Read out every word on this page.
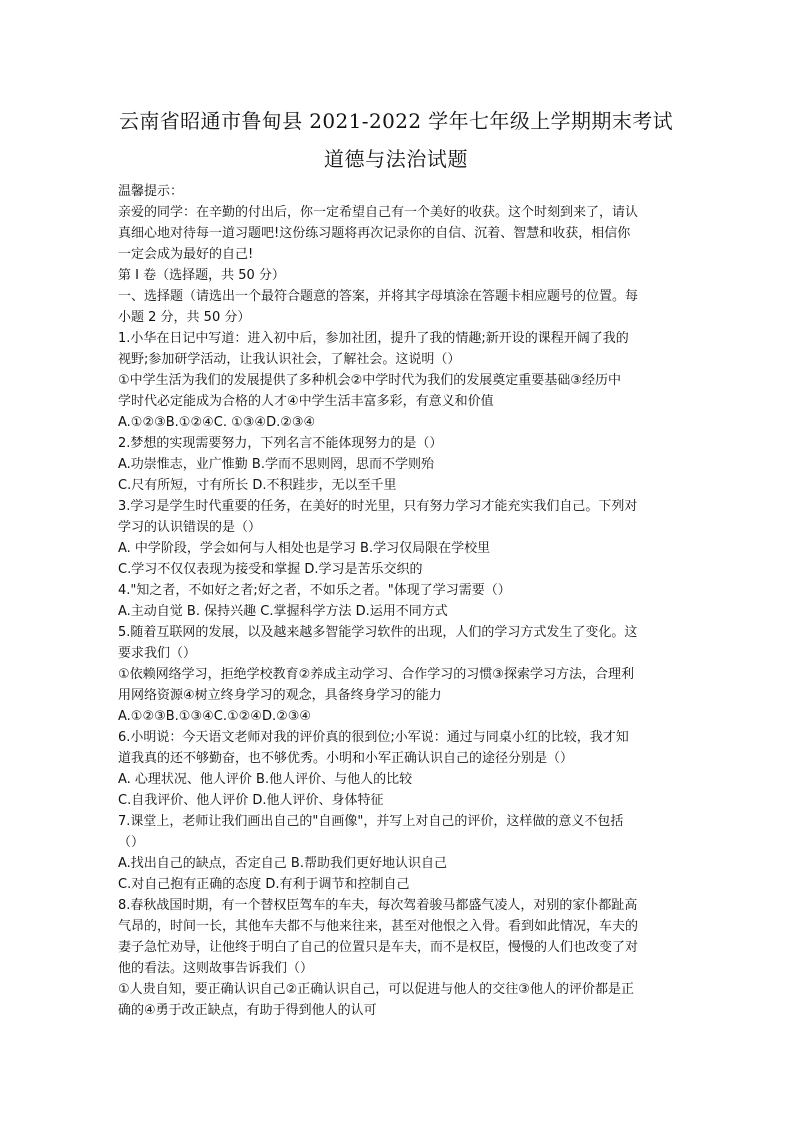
云南省昭通市鲁甸县 2021-2022 学年七年级上学期期末考试
道德与法治试题
温馨提示：
亲爱的同学：在辛勤的付出后，你一定希望自己有一个美好的收获。这个时刻到来了，请认
真细心地对待每一道习题吧!这份练习题将再次记录你的自信、沉着、智慧和收获，相信你
一定会成为最好的自己!
第 I 卷（选择题，共 50 分）
一、选择题（请选出一个最符合题意的答案，并将其字母填涂在答题卡相应题号的位置。每
小题 2 分，共 50 分）
1.小华在日记中写道：进入初中后，参加社团，提升了我的情趣;新开设的课程开阔了我的
视野;参加研学活动，让我认识社会，了解社会。这说明（）
①中学生活为我们的发展提供了多种机会②中学时代为我们的发展奠定重要基础③经历中
学时代必定能成为合格的人才④中学生活丰富多彩，有意义和价值
A.①②③B.①②④C. ①③④D.②③④
2.梦想的实现需要努力，下列名言不能体现努力的是（）
A.功崇惟志，业广惟勤 B.学而不思则罔，思而不学则殆
C.尺有所短，寸有所长 D.不积跬步，无以至千里
3.学习是学生时代重要的任务，在美好的时光里，只有努力学习才能充实我们自己。下列对
学习的认识错误的是（）
A. 中学阶段，学会如何与人相处也是学习 B.学习仅局限在学校里
C.学习不仅仅表现为接受和掌握 D.学习是苦乐交织的
4."知之者，不如好之者;好之者，不如乐之者。"体现了学习需要（）
A.主动自觉 B. 保持兴趣 C.掌握科学方法 D.运用不同方式
5.随着互联网的发展，以及越来越多智能学习软件的出现，人们的学习方式发生了变化。这
要求我们（）
①依赖网络学习，拒绝学校教育②养成主动学习、合作学习的习惯③探索学习方法，合理利
用网络资源④树立终身学习的观念，具备终身学习的能力
A.①②③B.①③④C.①②④D.②③④
6.小明说：今天语文老师对我的评价真的很到位;小军说：通过与同桌小红的比较，我才知
道我真的还不够勤奋，也不够优秀。小明和小军正确认识自己的途径分别是（）
A. 心理状况、他人评价 B.他人评价、与他人的比较
C.自我评价、他人评价 D.他人评价、身体特征
7.课堂上，老师让我们画出自己的"自画像"，并写上对自己的评价，这样做的意义不包括
（）
A.找出自己的缺点，否定自己 B.帮助我们更好地认识自己
C.对自己抱有正确的态度 D.有利于调节和控制自己
8.春秋战国时期，有一个替权臣驾车的车夫，每次驾着骏马都盛气凌人，对别的家仆都趾高
气昂的，时间一长，其他车夫都不与他来往来，甚至对他恨之入骨。看到如此情况，车夫的
妻子急忙劝导，让他终于明白了自己的位置只是车夫，而不是权臣，慢慢的人们也改变了对
他的看法。这则故事告诉我们（）
①人贵自知，要正确认识自己②正确认识自己，可以促进与他人的交往③他人的评价都是正
确的④勇于改正缺点，有助于得到他人的认可
